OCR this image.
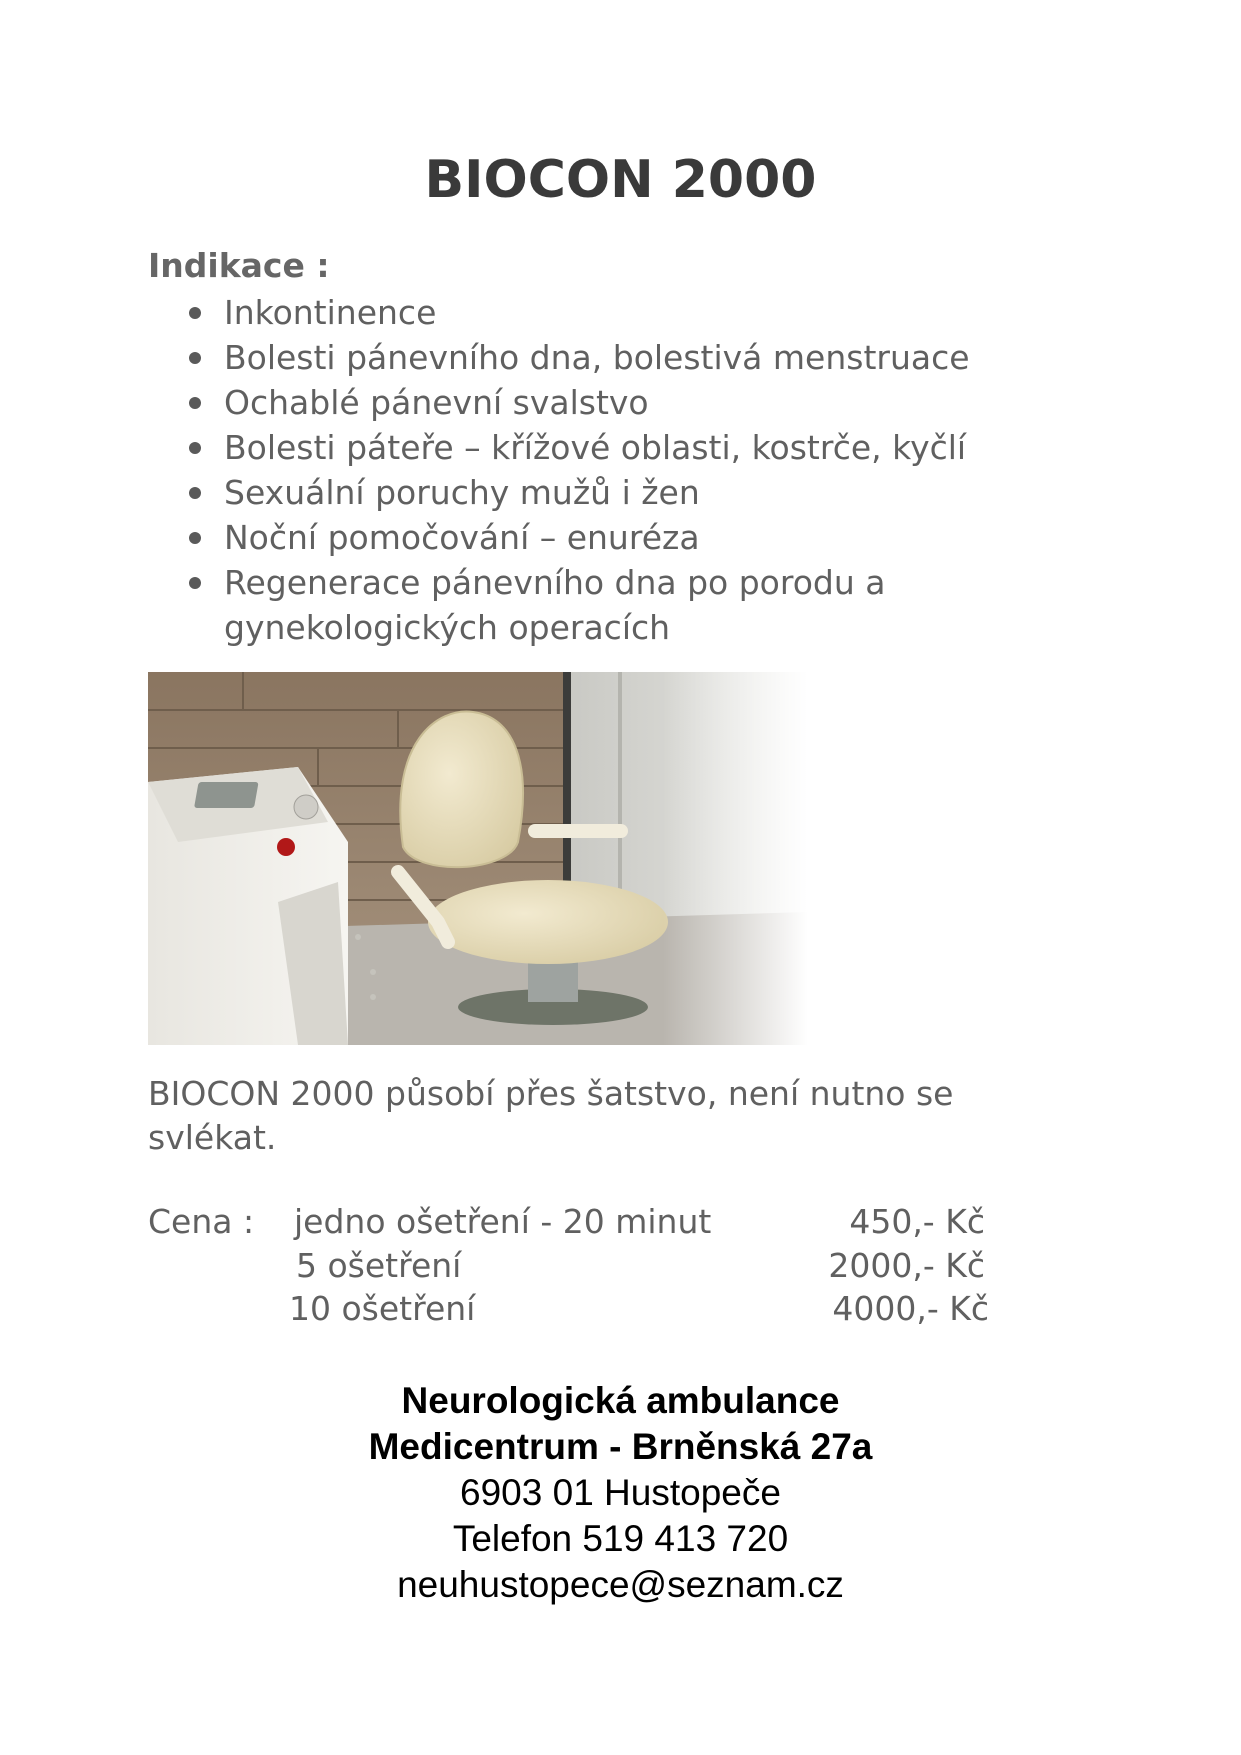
BIOCON 2000
Indikace :
Inkontinence
Bolesti pánevního dna, bolestivá menstruace
Ochablé pánevní svalstvo
Bolesti páteře – křížové oblasti, kostrče, kyčlí
Sexuální poruchy mužů i žen
Noční pomočování – enuréza
Regenerace pánevního dna po porodu a gynekologických operacích
BIOCON 2000 působí přes šatstvo, není nutno se svlékat.
Cena : jedno ošetření - 20 minut	450,- Kč
5 ošetření	2000,- Kč
10 ošetření	4000,- Kč
Neurologická ambulance
Medicentrum - Brněnská 27a
6903 01 Hustopeče
Telefon 519 413 720
neuhustopece@seznam.cz
